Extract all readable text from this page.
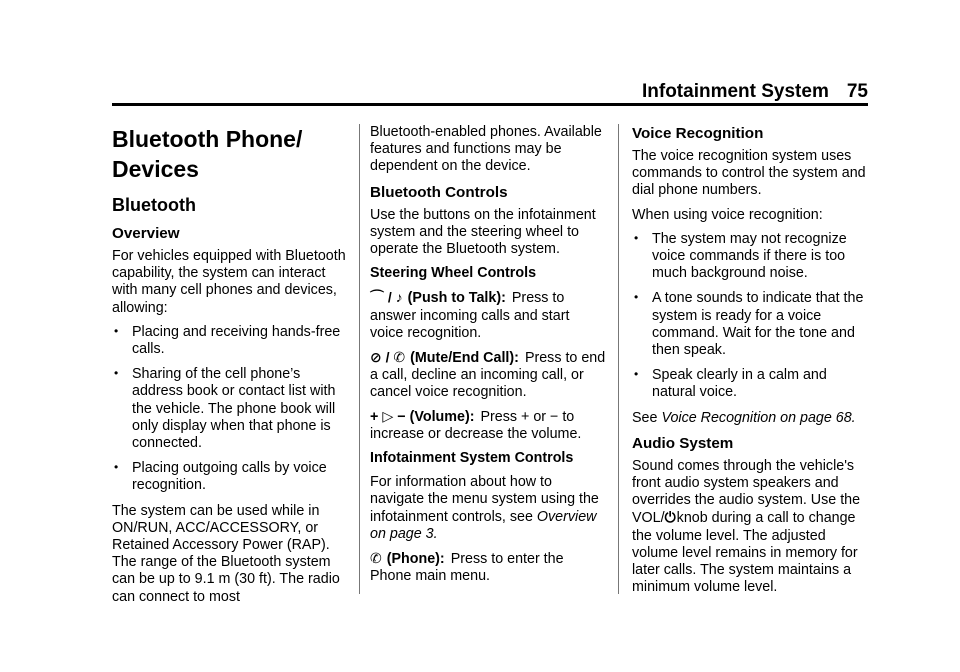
Infotainment System 75
Bluetooth Phone/
Devices
Bluetooth
Overview

For vehicles equipped with Bluetooth capability, the system can interact with many cell phones and devices, allowing:

• Placing and receiving hands-free calls.
• Sharing of the cell phone’s address book or contact list with the vehicle. The phone book will only display when that phone is connected.
• Placing outgoing calls by voice recognition.

The system can be used while in ON/RUN, ACC/ACCESSORY, or Retained Accessory Power (RAP). The range of the Bluetooth system can be up to 9.1 m (30 ft). The radio can connect to most

Bluetooth-enabled phones. Available features and functions may be dependent on the device.

Bluetooth Controls

Use the buttons on the infotainment system and the steering wheel to operate the Bluetooth system.

Steering Wheel Controls

⌒ / ♪ (Push to Talk): Press to answer incoming calls and start voice recognition.

⊘ / ✆ (Mute/End Call): Press to end a call, decline an incoming call, or cancel voice recognition.

+ ▷ − (Volume): Press + or − to increase or decrease the volume.

Infotainment System Controls

For information about how to navigate the menu system using the infotainment controls, see Overview on page 3.

✆ (Phone): Press to enter the Phone main menu.

Voice Recognition

The voice recognition system uses commands to control the system and dial phone numbers.

When using voice recognition:

• The system may not recognize voice commands if there is too much background noise.
• A tone sounds to indicate that the system is ready for a voice command. Wait for the tone and then speak.
• Speak clearly in a calm and natural voice.

See Voice Recognition on page 68.

Audio System

Sound comes through the vehicle's front audio system speakers and overrides the audio system. Use the VOL/⏻knob during a call to change the volume level. The adjusted volume level remains in memory for later calls. The system maintains a minimum volume level.
